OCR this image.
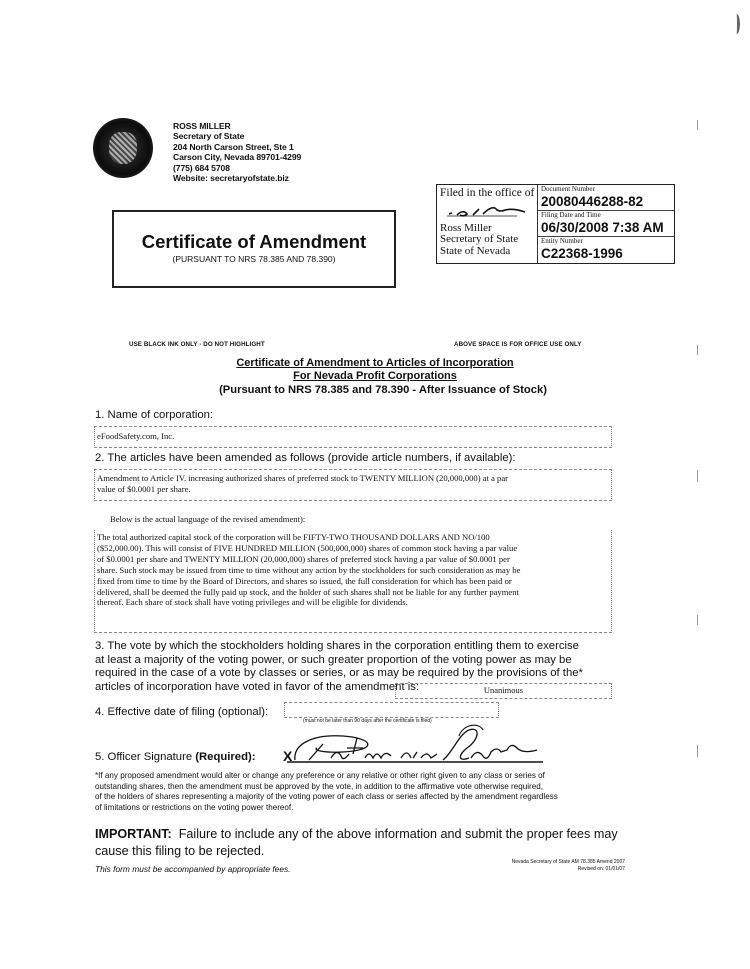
ROSS MILLER
Secretary of State
204 North Carson Street, Ste 1
Carson City, Nevada 89701-4299
(775) 684 5708
Website: secretaryofstate.biz
Filed in the office of
Ross Miller
Secretary of State
State of Nevada
Document Number
20080446288-82
Filing Date and Time
06/30/2008 7:38 AM
Entity Number
C22368-1996
Certificate of Amendment
(PURSUANT TO NRS 78.385 AND 78.390)
USE BLACK INK ONLY - DO NOT HIGHLIGHT	ABOVE SPACE IS FOR OFFICE USE ONLY
Certificate of Amendment to Articles of Incorporation
For Nevada Profit Corporations
(Pursuant to NRS 78.385 and 78.390 - After Issuance of Stock)
1. Name of corporation:
eFoodSafety.com, Inc.
2. The articles have been amended as follows (provide article numbers, if available):
Amendment to Article IV. increasing authorized shares of preferred stock to TWENTY MILLION (20,000,000) at a par
value of $0.0001 per share.
Below is the actual language of the revised amendment):
The total authorized capital stock of the corporation will be FIFTY-TWO THOUSAND DOLLARS AND NO/100
($52,000.00). This will consist of FIVE HUNDRED MILLION (500,000,000) shares of common stock having a par value
of $0.0001 per share and TWENTY MILLION (20,000,000) shares of preferred stock having a par value of $0.0001 per
share. Such stock may be issued from time to time without any action by the stockholders for such consideration as may be
fixed from time to time by the Board of Directors, and shares so issued, the full consideration for which has been paid or
delivered, shall be deemed the fully paid up stock, and the holder of such shares shall not be liable for any further payment
thereof. Each share of stock shall have voting privileges and will be eligible for dividends.
3. The vote by which the stockholders holding shares in the corporation entitling them to exercise
at least a majority of the voting power, or such greater proportion of the voting power as may be
required in the case of a vote by classes or series, or as may be required by the provisions of the*
articles of incorporation have voted in favor of the amendment is:	Unanimous
4. Effective date of filing (optional):
(must not be later than 90 days after the certificate is filed)
5. Officer Signature (Required): X
*If any proposed amendment would alter or change any preference or any relative or other right given to any class or series of
outstanding shares, then the amendment must be approved by the vote, in addition to the affirmative vote otherwise required,
of the holders of shares representing a majority of the voting power of each class or series affected by the amendment regardless
of limitations or restrictions on the voting power thereof.
IMPORTANT:  Failure to include any of the above information and submit the proper fees may
cause this filing to be rejected.
This form must be accompanied by appropriate fees.
Nevada Secretary of State AM 78.385 Amend 2007
Revised on: 01/01/07
